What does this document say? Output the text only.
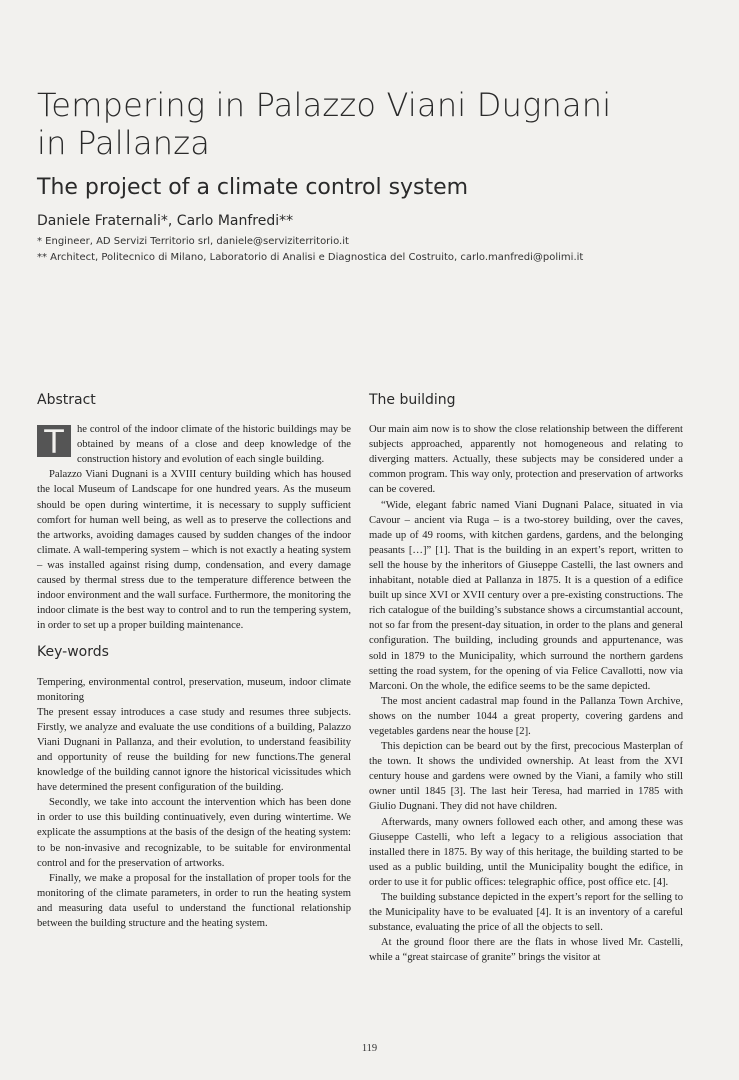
Tempering in Palazzo Viani Dugnani
in Pallanza
The project of a climate control system
Daniele Fraternali*, Carlo Manfredi**
* Engineer, AD Servizi Territorio srl, daniele@serviziterritorio.it
** Architect, Politecnico di Milano, Laboratorio di Analisi e Diagnostica del Costruito, carlo.manfredi@polimi.it
Abstract

T	he control of the indoor climate of the historic buildings may be obtained by means of a close and deep knowledge of the construction history and evolution of each single building.

Palazzo Viani Dugnani is a XVIII century building which has housed the local Museum of Landscape for one hundred years. As the museum should be open during wintertime, it is necessary to supply sufficient comfort for human well being, as well as to preserve the collections and the artworks, avoiding damages caused by sudden changes of the indoor climate. A wall-tempering system – which is not exactly a heating system – was installed against rising dump, condensation, and every damage caused by thermal stress due to the temperature difference between the indoor environment and the wall surface. Furthermore, the monitoring the indoor climate is the best way to control and to run the tempering system, in order to set up a proper building maintenance.

Key-words

Tempering, environmental control, preservation, museum, indoor climate monitoring

The present essay introduces a case study and resumes three subjects. Firstly, we analyze and evaluate the use conditions of a building, Palazzo Viani Dugnani in Pallanza, and their evolution, to understand feasibility and opportunity of reuse the building for new functions.The general knowledge of the building cannot ignore the historical vicissitudes which have determined the present configuration of the building.

Secondly, we take into account the intervention which has been done in order to use this building continuatively, even during wintertime. We explicate the assumptions at the basis of the design of the heating system: to be non-invasive and recognizable, to be suitable for environmental control and for the preservation of artworks.

Finally, we make a proposal for the installation of proper tools for the monitoring of the climate parameters, in order to run the heating system and measuring data useful to understand the functional relationship between the building structure and the heating system.

The building

Our main aim now is to show the close relationship between the different subjects approached, apparently not homogeneous and relating to diverging matters. Actually, these subjects may be considered under a common program. This way only, protection and preservation of artworks can be covered.

“Wide, elegant fabric named Viani Dugnani Palace, situated in via Cavour – ancient via Ruga – is a two-storey building, over the caves, made up of 49 rooms, with kitchen gardens, gardens, and the belonging peasants […]” [1]. That is the building in an expert’s report, written to sell the house by the inheritors of Giuseppe Castelli, the last owners and inhabitant, notable died at Pallanza in 1875. It is a question of a edifice built up since XVI or XVII century over a pre-existing constructions. The rich catalogue of the building’s substance shows a circumstantial account, not so far from the present-day situation, in order to the plans and general configuration. The building, including grounds and appurtenance, was sold in 1879 to the Municipality, which surround the northern gardens setting the road system, for the opening of via Felice Cavallotti, now via Marconi. On the whole, the edifice seems to be the same depicted.

The most ancient cadastral map found in the Pallanza Town Archive, shows on the number 1044 a great property, covering gardens and vegetables gardens near the house [2].

This depiction can be beard out by the first, precocious Masterplan of the town. It shows the undivided ownership. At least from the XVI century house and gardens were owned by the Viani, a family who still owner until 1845 [3]. The last heir Teresa, had married in 1785 with Giulio Dugnani. They did not have children.

Afterwards, many owners followed each other, and among these was Giuseppe Castelli, who left a legacy to a religious association that installed there in 1875. By way of this heritage, the building started to be used as a public building, until the Municipality bought the edifice, in order to use it for public offices: telegraphic office, post office etc. [4].

The building substance depicted in the expert’s report for the selling to the Municipality have to be evaluated [4]. It is an inventory of a careful substance, evaluating the price of all the objects to sell.

At the ground floor there are the flats in whose lived Mr. Castelli, while a “great staircase of granite” brings the visitor at

119
